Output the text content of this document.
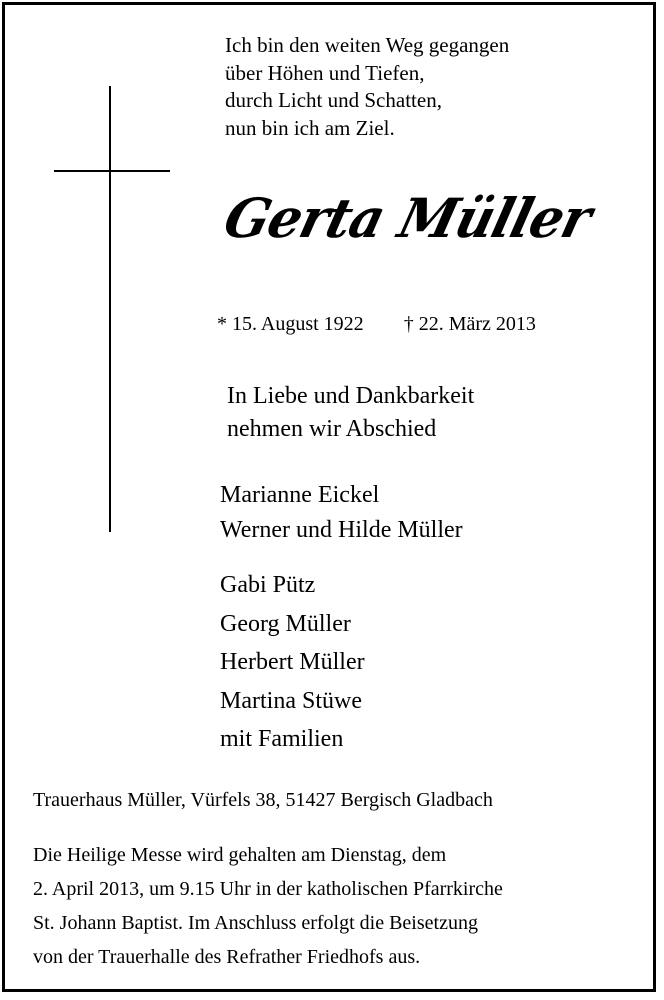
Ich bin den weiten Weg gegangen
über Höhen und Tiefen,
durch Licht und Schatten,
nun bin ich am Ziel.
Gerta Müller
* 15. August 1922 † 22. März 2013
In Liebe und Dankbarkeit
nehmen wir Abschied
Marianne Eickel
Werner und Hilde Müller
Gabi Pütz
Georg Müller
Herbert Müller
Martina Stüwe
mit Familien
Trauerhaus Müller, Vürfels 38, 51427 Bergisch Gladbach
Die Heilige Messe wird gehalten am Dienstag, dem
2. April 2013, um 9.15 Uhr in der katholischen Pfarrkirche
St. Johann Baptist. Im Anschluss erfolgt die Beisetzung
von der Trauerhalle des Refrather Friedhofs aus.
